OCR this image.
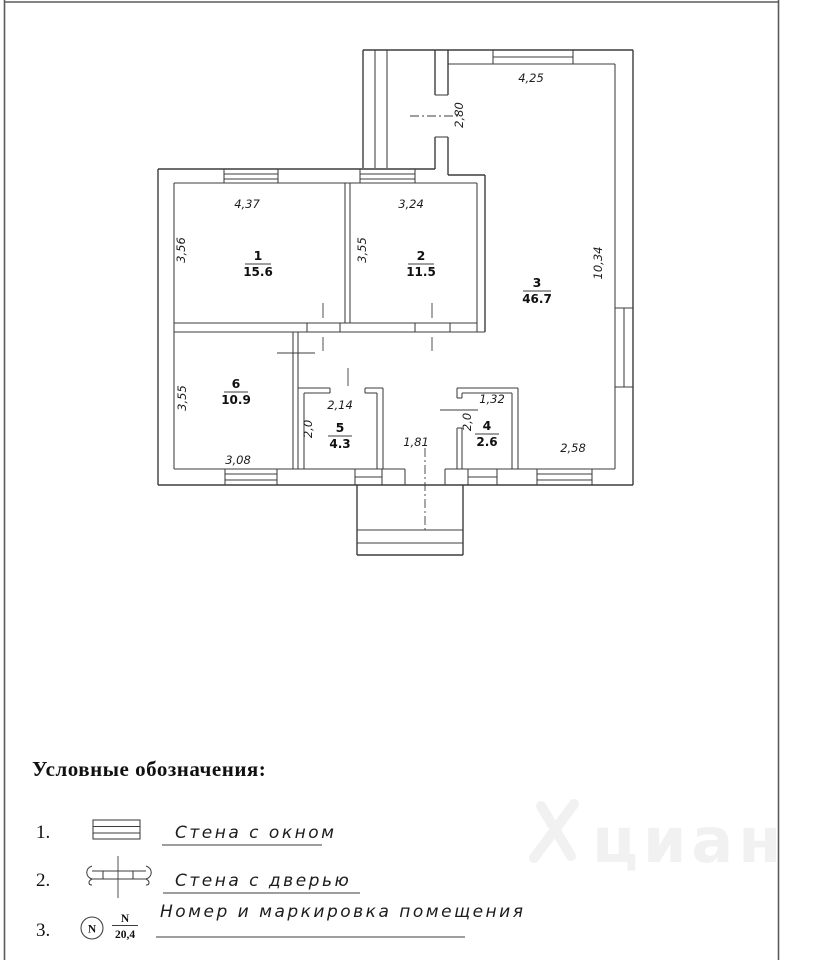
циан
1
15.6
2
11.5
3
46.7
4
2.6
5
4.3
6
10.9
4,37
3,56
3,24
3,55
4,25
2,80
10,34
2,58
3,55
3,08
2,14
2,0
1,32
2,0
1,81
Условные обозначения:
1.	Стена с окном
2.	Стена с дверью
3.	N
N
20,4
Номер и маркировка помещения
